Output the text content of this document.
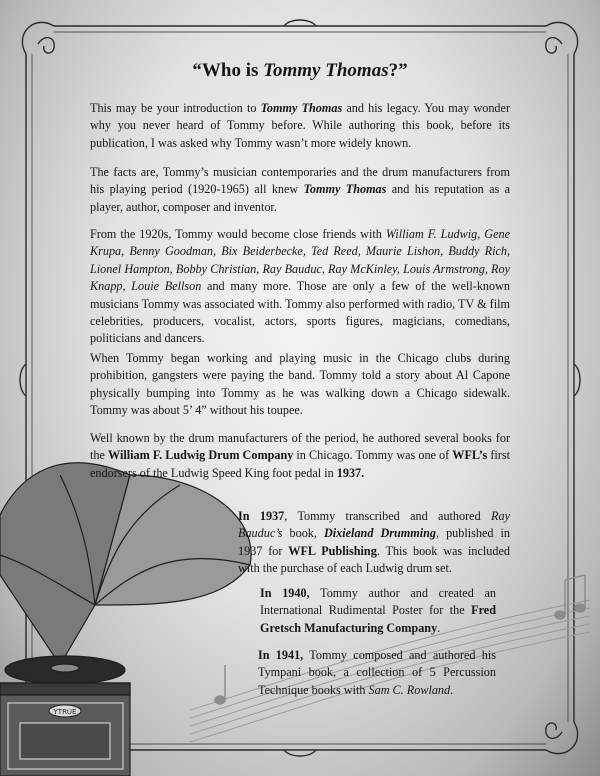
YTRUE
“Who is Tommy Thomas?”

This may be your introduction to Tommy Thomas and his legacy. You may wonder why you never heard of Tommy before. While authoring this book, before its publication, I was asked why Tommy wasn’t more widely known.

The facts are, Tommy’s musician contemporaries and the drum manufacturers from his playing period (1920-1965) all knew Tommy Thomas and his reputation as a player, author, composer and inventor.

From the 1920s, Tommy would become close friends with William F. Ludwig, Gene Krupa, Benny Goodman, Bix Beiderbecke, Ted Reed, Maurie Lishon, Buddy Rich, Lionel Hampton, Bobby Christian, Ray Bauduc, Ray McKinley, Louis Armstrong, Roy Knapp, Louie Bellson and many more. Those are only a few of the well-known musicians Tommy was associated with. Tommy also performed with radio, TV & film celebrities, producers, vocalist, actors, sports figures, magicians, comedians, politicians and dancers.

When Tommy began working and playing music in the Chicago clubs during prohibition, gangsters were paying the band. Tommy told a story about Al Capone physically bumping into Tommy as he was walking down a Chicago sidewalk. Tommy was about 5’ 4” without his toupee.

Well known by the drum manufacturers of the period, he authored several books for the William F. Ludwig Drum Company in Chicago. Tommy was one of WFL’s first endorsers of the Ludwig Speed King foot pedal in 1937.

In 1937, Tommy transcribed and authored Ray Bauduc’s book, Dixieland Drumming, published in 1937 for WFL Publishing. This book was included with the purchase of each Ludwig drum set.

In 1940, Tommy author and created an International Rudimental Poster for the Fred Gretsch Manufacturing Company.

In 1941, Tommy composed and authored his Tympani book, a collection of 5 Percussion Technique books with Sam C. Rowland.
